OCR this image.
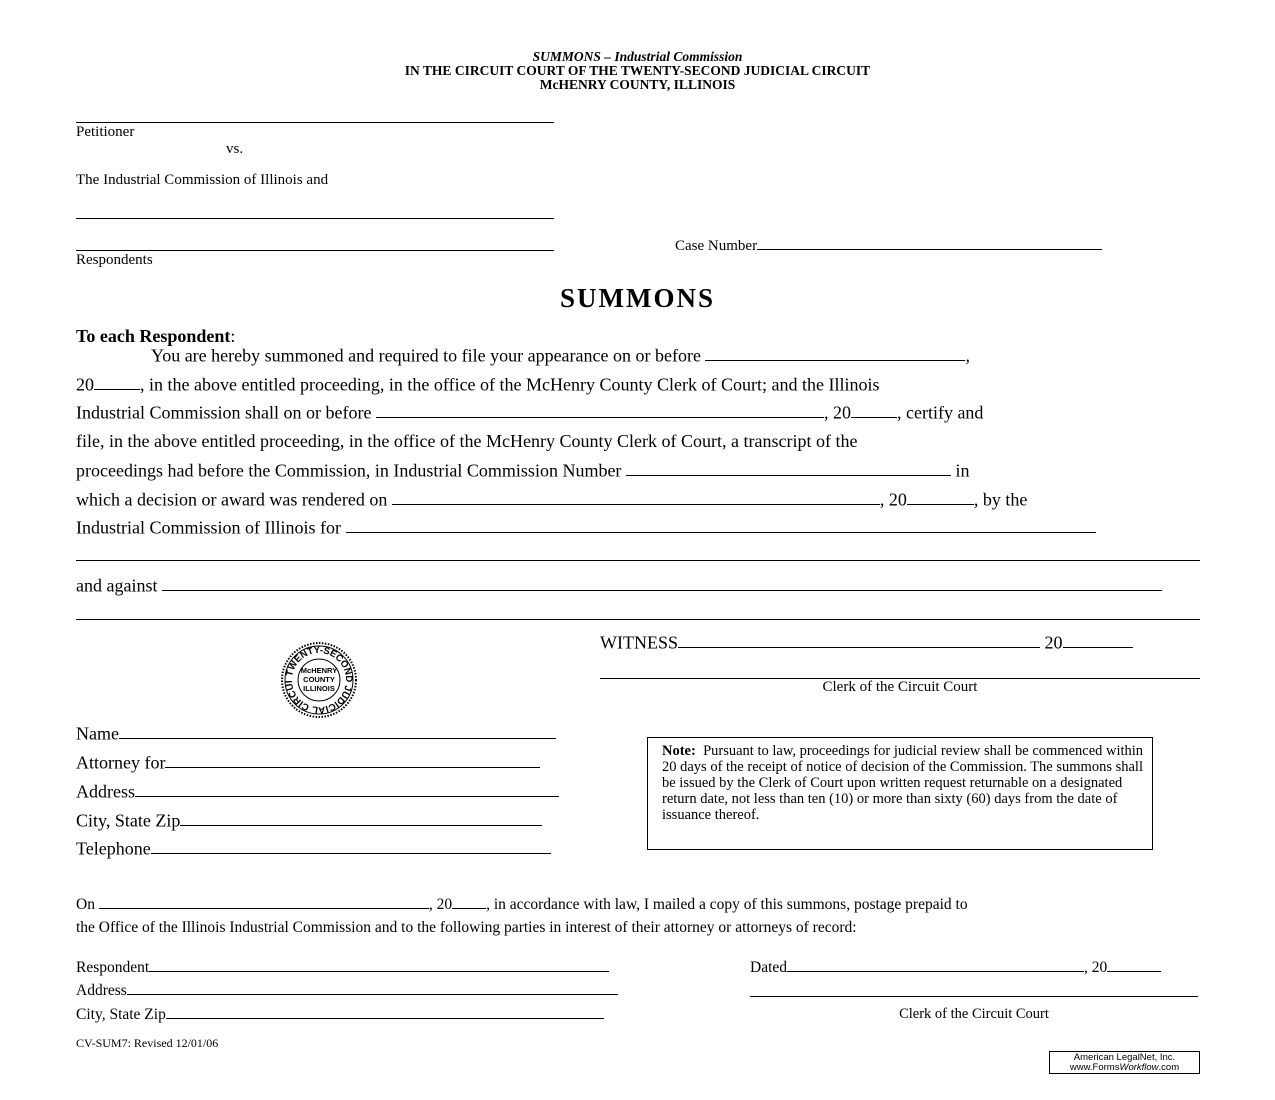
SUMMONS – Industrial Commission
IN THE CIRCUIT COURT OF THE TWENTY-SECOND JUDICIAL CIRCUIT
McHENRY COUNTY, ILLINOIS
Petitioner
vs.
The Industrial Commission of Illinois and
Respondents
Case Number
SUMMONS
To each Respondent:
You are hereby summoned and required to file your appearance on or before	,
20	, in the above entitled proceeding, in the office of the McHenry County Clerk of Court; and the Illinois
Industrial Commission shall on or before	, 20	, certify and
file, in the above entitled proceeding, in the office of the McHenry County Clerk of Court, a transcript of the
proceedings had before the Commission, in Industrial Commission Number	in
which a decision or award was rendered on	, 20	, by the
Industrial Commission of Illinois for
and against
TWENTY-SECOND JUDICIAL CIRCUI
McHENRY
COUNTY
ILLINOIS
WITNESS	20
Clerk of the Circuit Court
Name
Attorney for
Address
City, State Zip
Telephone
Note: Pursuant to law, proceedings for judicial review shall be commenced within 20 days of the receipt of notice of decision of the Commission. The summons shall be issued by the Clerk of Court upon written request returnable on a designated return date, not less than ten (10) or more than sixty (60) days from the date of issuance thereof.
On	, 20 , in accordance with law, I mailed a copy of this summons, postage prepaid to
the Office of the Illinois Industrial Commission and to the following parties in interest of their attorney or attorneys of record:
Respondent
Address
City, State Zip
Dated	, 20
Clerk of the Circuit Court
CV-SUM7: Revised 12/01/06
American LegalNet, Inc.
www.FormsWorkflow.com
